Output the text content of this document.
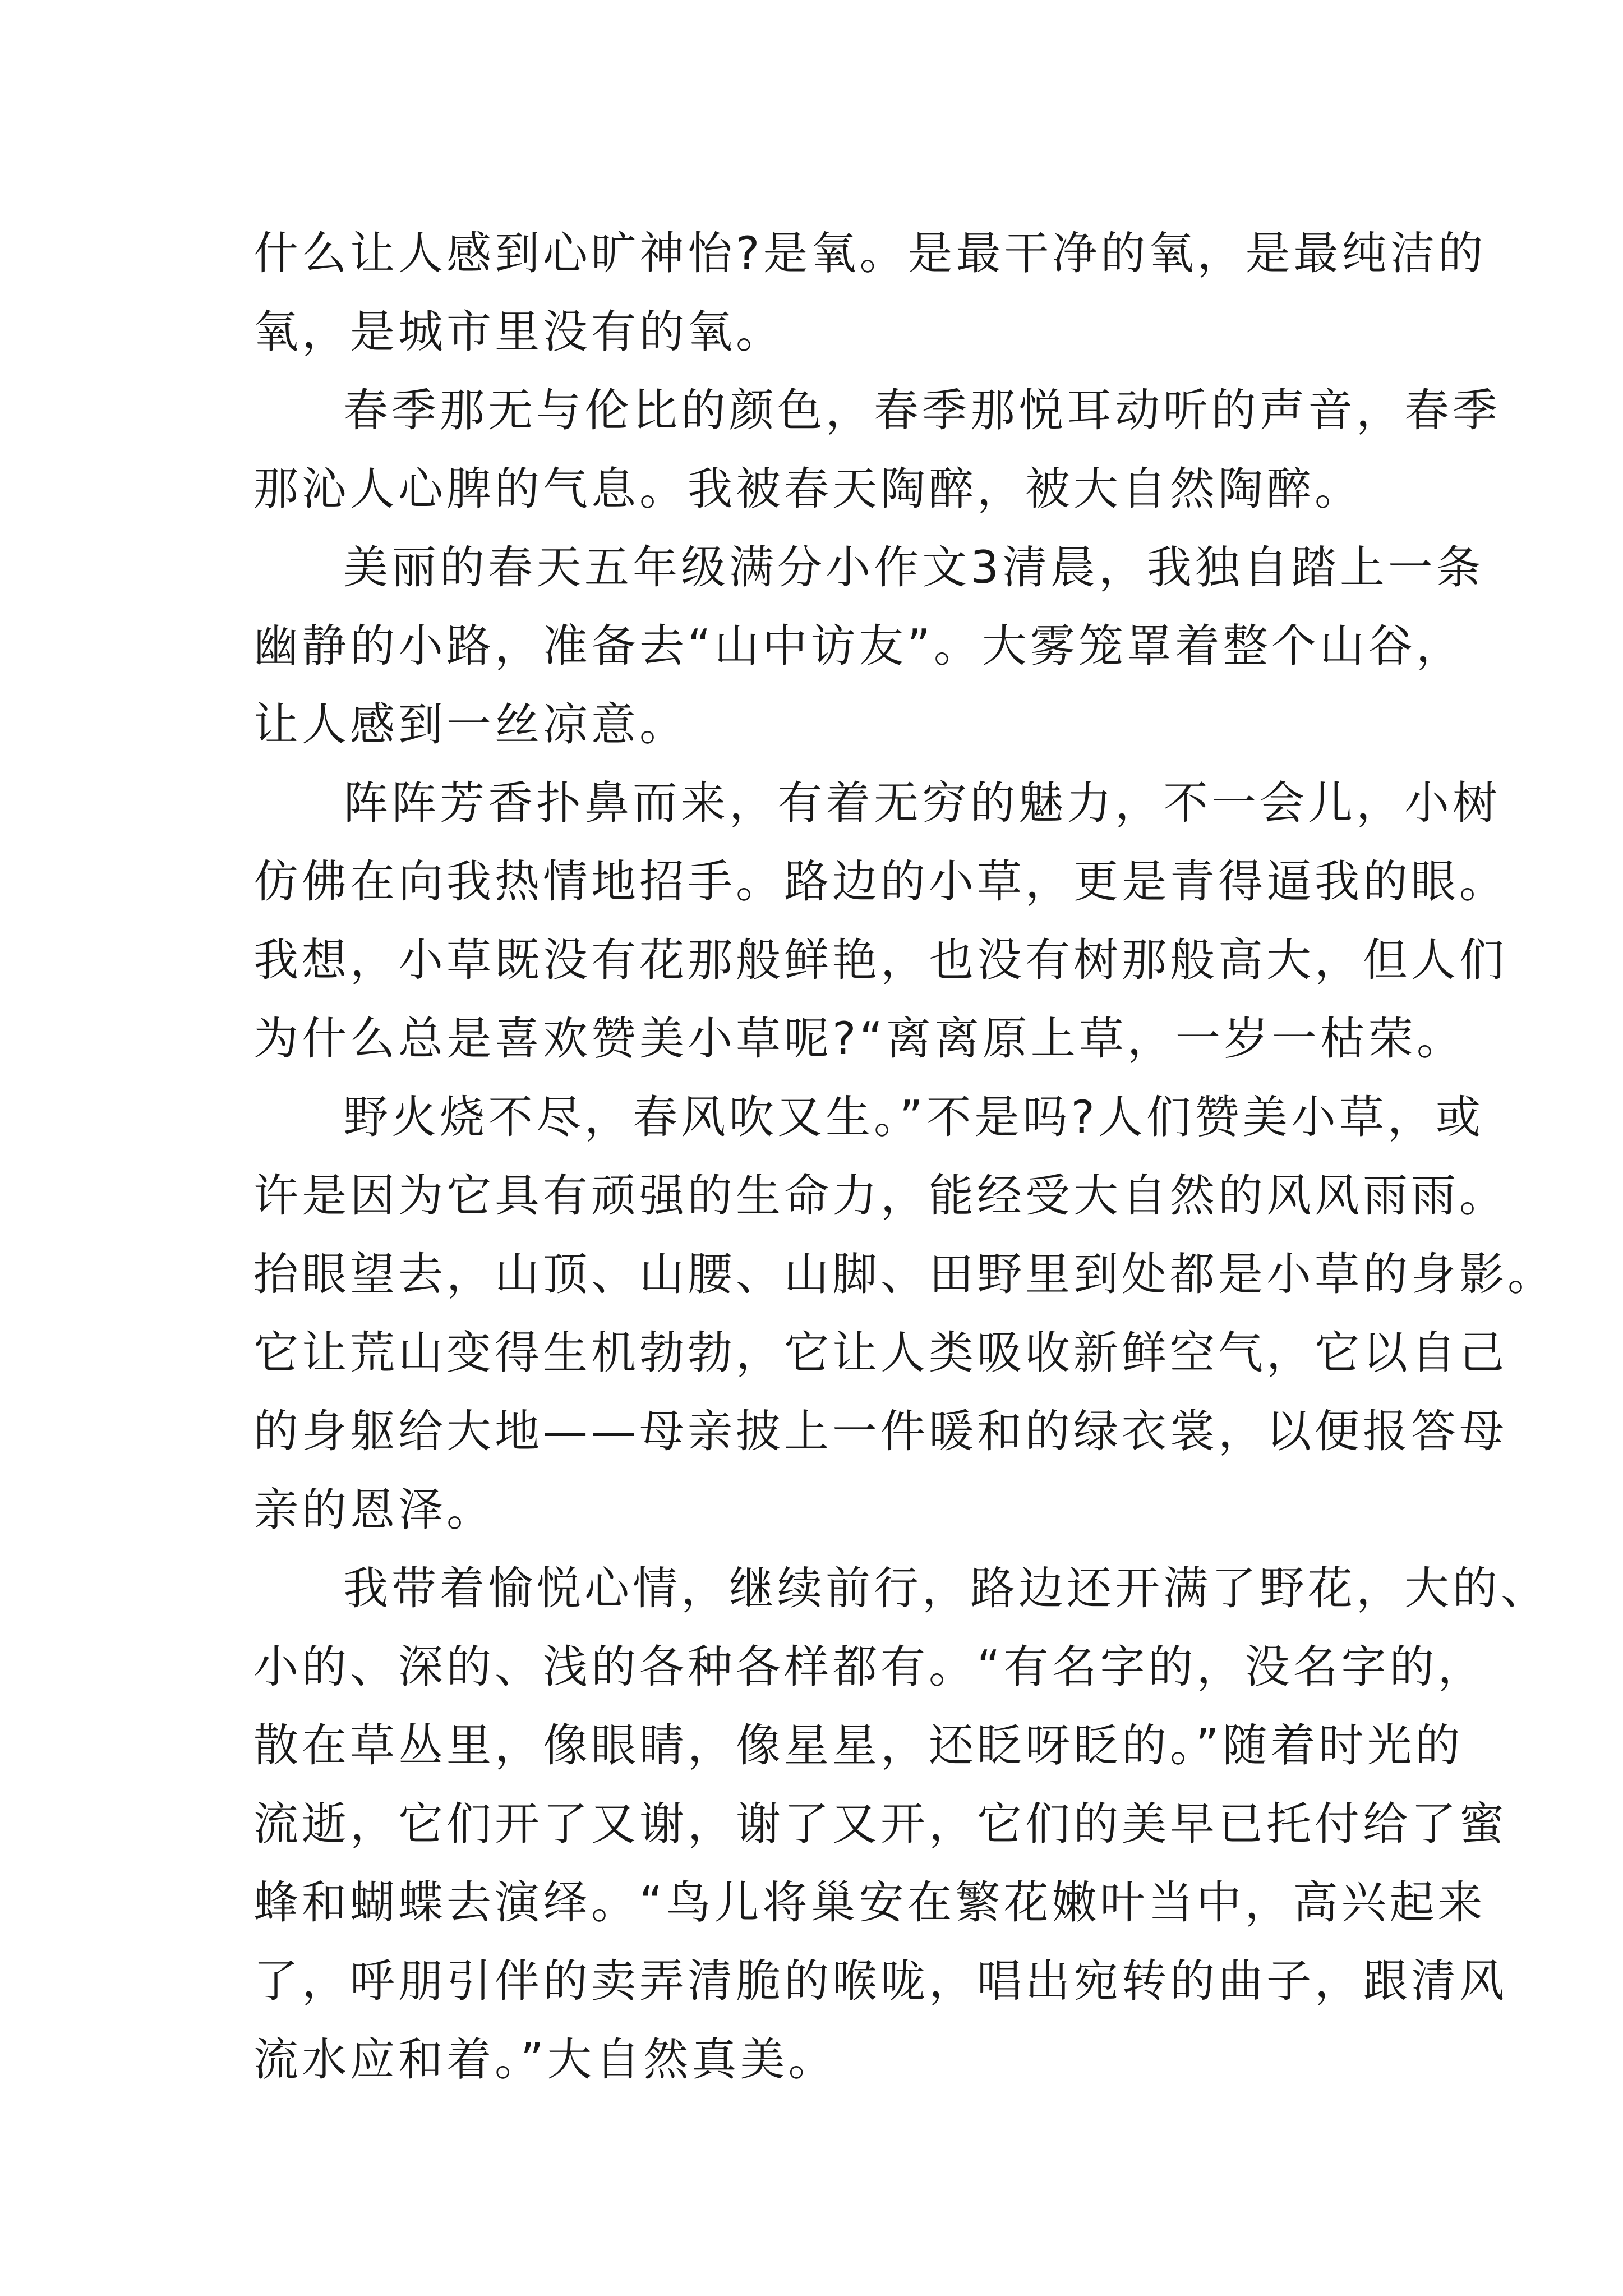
什么让人感到心旷神怡?是氧。是最干净的氧，是最纯洁的
氧，是城市里没有的氧。
春季那无与伦比的颜色，春季那悦耳动听的声音，春季
那沁人心脾的气息。我被春天陶醉，被大自然陶醉。
美丽的春天五年级满分小作文3清晨，我独自踏上一条
幽静的小路，准备去“山中访友”。大雾笼罩着整个山谷，
让人感到一丝凉意。
阵阵芳香扑鼻而来，有着无穷的魅力，不一会儿，小树
仿佛在向我热情地招手。路边的小草，更是青得逼我的眼。
我想，小草既没有花那般鲜艳，也没有树那般高大，但人们
为什么总是喜欢赞美小草呢?“离离原上草，一岁一枯荣。
野火烧不尽，春风吹又生。”不是吗?人们赞美小草，或
许是因为它具有顽强的生命力，能经受大自然的风风雨雨。
抬眼望去，山顶、山腰、山脚、田野里到处都是小草的身影。
它让荒山变得生机勃勃，它让人类吸收新鲜空气，它以自己
的身躯给大地——母亲披上一件暖和的绿衣裳，以便报答母
亲的恩泽。
我带着愉悦心情，继续前行，路边还开满了野花，大的、
小的、深的、浅的各种各样都有。“有名字的，没名字的，
散在草丛里，像眼睛，像星星，还眨呀眨的。”随着时光的
流逝，它们开了又谢，谢了又开，它们的美早已托付给了蜜
蜂和蝴蝶去演绎。“鸟儿将巢安在繁花嫩叶当中，高兴起来
了，呼朋引伴的卖弄清脆的喉咙，唱出宛转的曲子，跟清风
流水应和着。”大自然真美。
